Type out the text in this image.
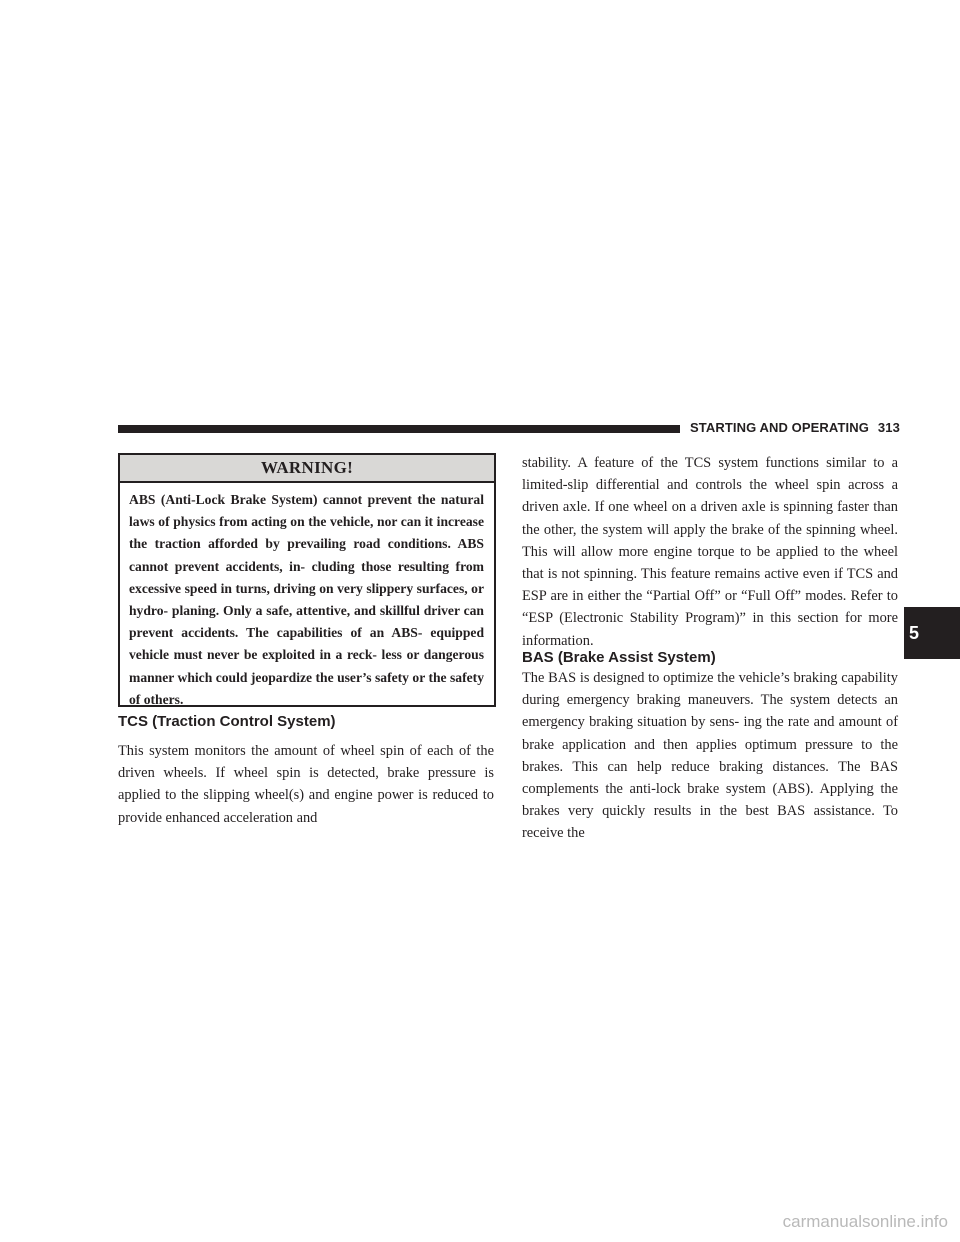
STARTING AND OPERATING 313
WARNING!
ABS (Anti-Lock Brake System) cannot prevent the natural laws of physics from acting on the vehicle, nor can it increase the traction afforded by prevailing road conditions. ABS cannot prevent accidents, in- cluding those resulting from excessive speed in turns, driving on very slippery surfaces, or hydro- planing. Only a safe, attentive, and skillful driver can prevent accidents. The capabilities of an ABS- equipped vehicle must never be exploited in a reck- less or dangerous manner which could jeopardize the user’s safety or the safety of others.
TCS (Traction Control System)
This system monitors the amount of wheel spin of each of the driven wheels. If wheel spin is detected, brake pressure is applied to the slipping wheel(s) and engine power is reduced to provide enhanced acceleration and
stability. A feature of the TCS system functions similar to a limited-slip differential and controls the wheel spin across a driven axle. If one wheel on a driven axle is spinning faster than the other, the system will apply the brake of the spinning wheel. This will allow more engine torque to be applied to the wheel that is not spinning. This feature remains active even if TCS and ESP are in either the “Partial Off” or “Full Off” modes. Refer to “ESP (Electronic Stability Program)” in this section for more information.
BAS (Brake Assist System)
The BAS is designed to optimize the vehicle’s braking capability during emergency braking maneuvers. The system detects an emergency braking situation by sens- ing the rate and amount of brake application and then applies optimum pressure to the brakes. This can help reduce braking distances. The BAS complements the anti-lock brake system (ABS). Applying the brakes very quickly results in the best BAS assistance. To receive the
5
carmanualsonline.info
